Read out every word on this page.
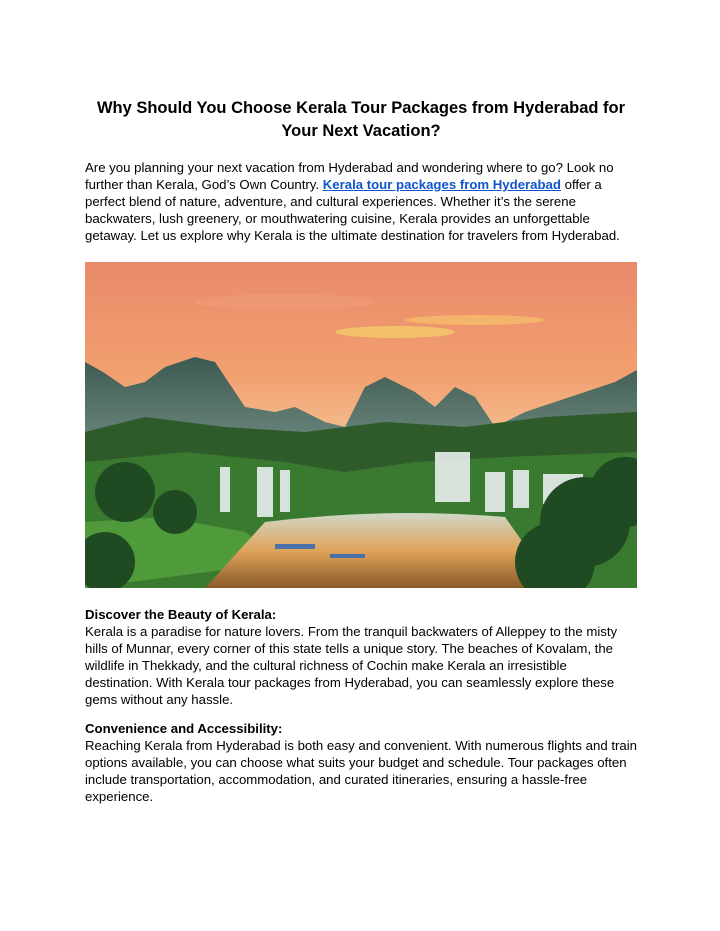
Why Should You Choose Kerala Tour Packages from Hyderabad for Your Next Vacation?

Are you planning your next vacation from Hyderabad and wondering where to go? Look no further than Kerala, God’s Own Country. Kerala tour packages from Hyderabad offer a perfect blend of nature, adventure, and cultural experiences. Whether it’s the serene backwaters, lush greenery, or mouthwatering cuisine, Kerala provides an unforgettable getaway. Let us explore why Kerala is the ultimate destination for travelers from Hyderabad.

Discover the Beauty of Kerala:

Kerala is a paradise for nature lovers. From the tranquil backwaters of Alleppey to the misty hills of Munnar, every corner of this state tells a unique story. The beaches of Kovalam, the wildlife in Thekkady, and the cultural richness of Cochin make Kerala an irresistible destination. With Kerala tour packages from Hyderabad, you can seamlessly explore these gems without any hassle.

Convenience and Accessibility:

Reaching Kerala from Hyderabad is both easy and convenient. With numerous flights and train options available, you can choose what suits your budget and schedule. Tour packages often include transportation, accommodation, and curated itineraries, ensuring a hassle-free experience.
